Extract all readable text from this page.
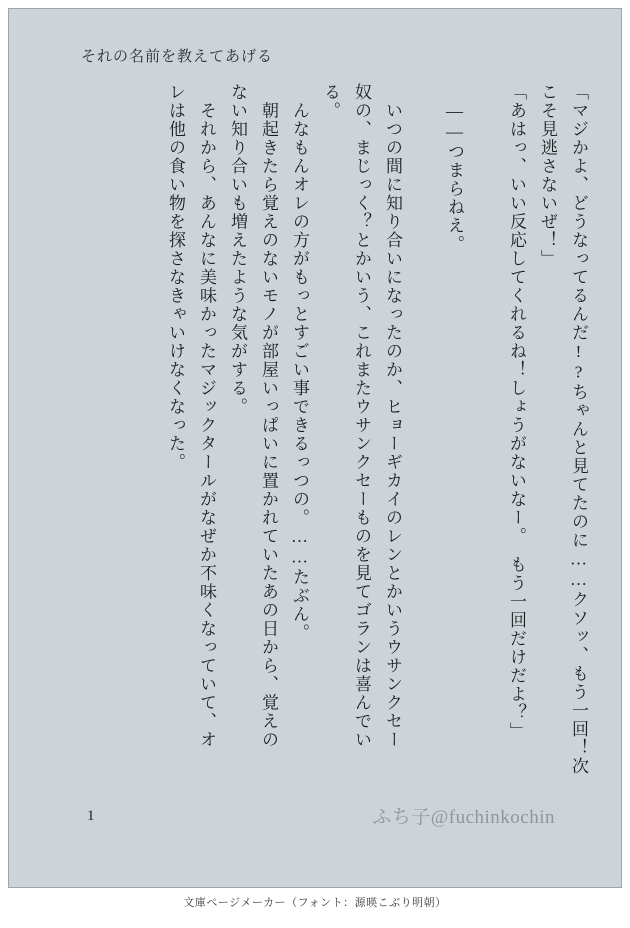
それの名前を教えてあげる
「マジかよ、どうなってるんだ!?ちゃんと見てたのに……クソッ、もう一回！次
こそ見逃さないぜ！」
「あはっ、いい反応してくれるね！しょうがないなー。　もう一回だけだよ？」
　——つまらねえ。
　いつの間に知り合いになったのか、ヒョーギカイのレンとかいうウサンクセー
奴の、まじっく？とかいう、これまたウサンクセーものを見てゴランは喜んでい
る。
　んなもんオレの方がもっとすごい事できるっつの。……たぶん。
　朝起きたら覚えのないモノが部屋いっぱいに置かれていたあの日から、覚えの
ない知り合いも増えたような気がする。
　それから、あんなに美味かったマジックタールがなぜか不味くなっていて、オ
レは他の食い物を探さなきゃいけなくなった。
1	ふち子@fuchinkochin
文庫ページメーカー（フォント：源暎こぶり明朝）
